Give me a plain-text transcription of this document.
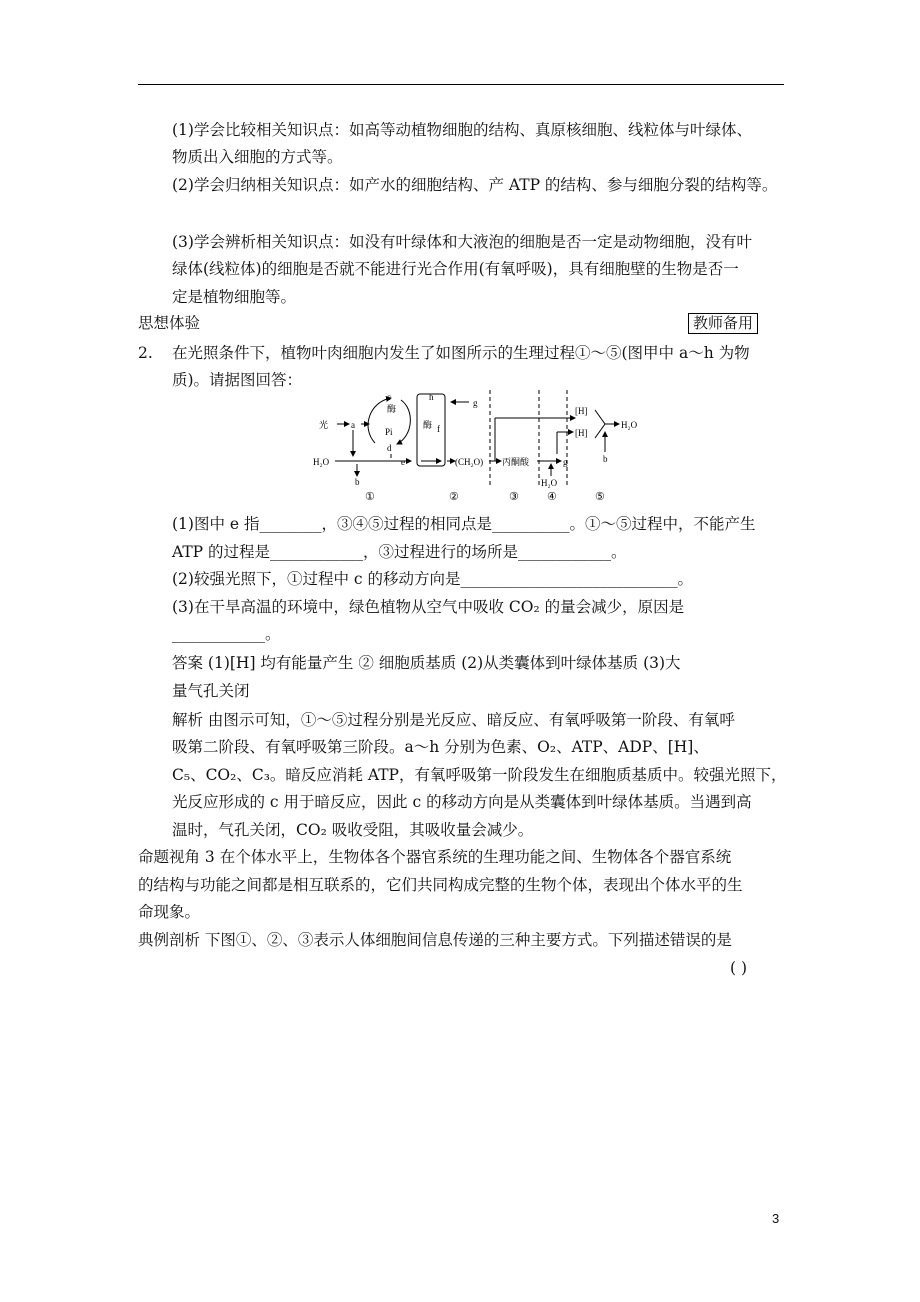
(1)学会比较相关知识点：如高等动植物细胞的结构、真原核细胞、线粒体与叶绿体、
物质出入细胞的方式等。
(2)学会归纳相关知识点：如产水的细胞结构、产 ATP 的结构、参与细胞分裂的结构等。
(3)学会辨析相关知识点：如没有叶绿体和大液泡的细胞是否一定是动物细胞，没有叶
绿体(线粒体)的细胞是否就不能进行光合作用(有氧呼吸)，具有细胞壁的生物是否一
定是植物细胞等。
思想体验	教师备用
2. 在光照条件下，植物叶肉细胞内发生了如图所示的生理过程①～⑤(图甲中 a～h 为物
质)。请据图回答：
光	a
c
酶
Pi
d
e
H₂O
b
h
g
酶 f
(CH₂O) 丙酮酸	g
H₂O
[H]
[H]
H₂O
b
①	②	③	④	⑤
(1)图中 e 指________，③④⑤过程的相同点是__________。①～⑤过程中，不能产生
ATP 的过程是____________，③过程进行的场所是____________。
(2)较强光照下，①过程中 c 的移动方向是____________________________。
(3)在干旱高温的环境中，绿色植物从空气中吸收 CO₂ 的量会减少，原因是
____________。
答案 (1)[H] 均有能量产生 ② 细胞质基质 (2)从类囊体到叶绿体基质 (3)大
量气孔关闭
解析 由图示可知，①～⑤过程分别是光反应、暗反应、有氧呼吸第一阶段、有氧呼
吸第二阶段、有氧呼吸第三阶段。a～h 分别为色素、O₂、ATP、ADP、[H]、
C₅、CO₂、C₃。暗反应消耗 ATP，有氧呼吸第一阶段发生在细胞质基质中。较强光照下，
光反应形成的 c 用于暗反应，因此 c 的移动方向是从类囊体到叶绿体基质。当遇到高
温时，气孔关闭，CO₂ 吸收受阻，其吸收量会减少。
命题视角 3 在个体水平上，生物体各个器官系统的生理功能之间、生物体各个器官系统
的结构与功能之间都是相互联系的，它们共同构成完整的生物个体，表现出个体水平的生
命现象。
典例剖析 下图①、②、③表示人体细胞间信息传递的三种主要方式。下列描述错误的是
( )
3
